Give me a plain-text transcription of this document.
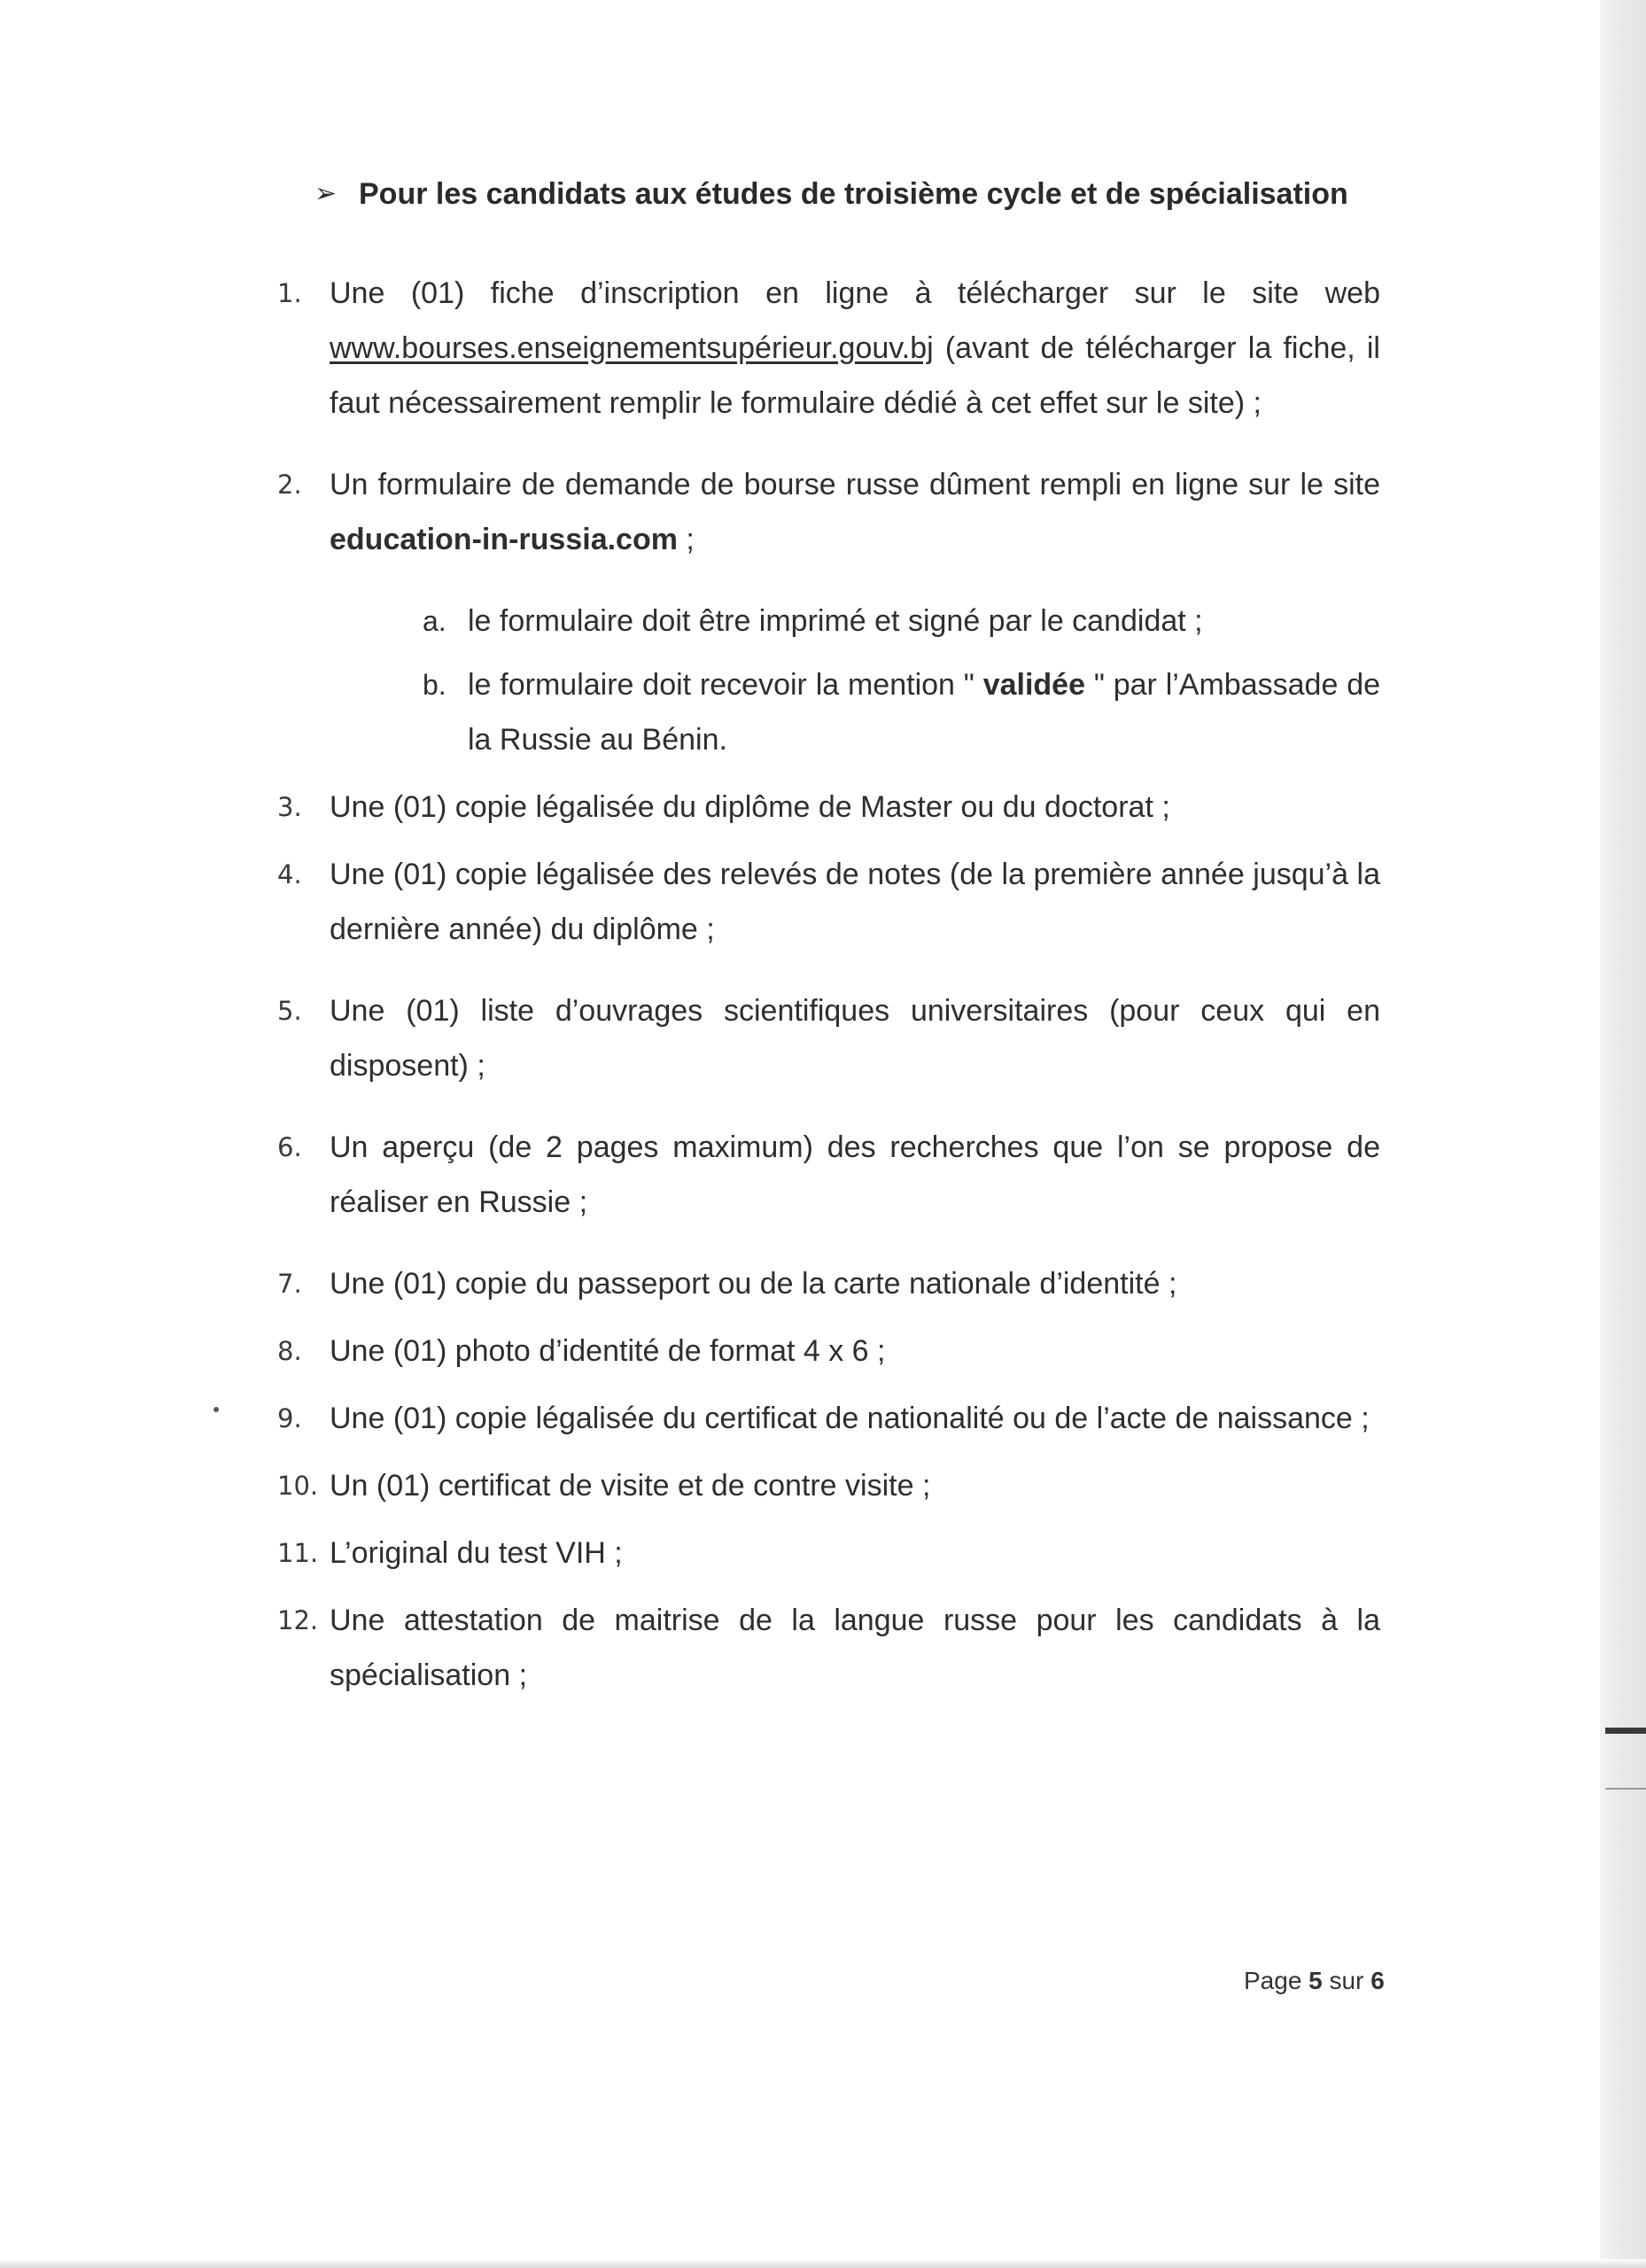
➢ Pour les candidats aux études de troisième cycle et de spécialisation
1. Une (01) fiche d’inscription en ligne à télécharger sur le site web www.bourses.enseignementsupérieur.gouv.bj (avant de télécharger la fiche, il faut nécessairement remplir le formulaire dédié à cet effet sur le site) ;
2. Un formulaire de demande de bourse russe dûment rempli en ligne sur le site education-in-russia.com ;
a. le formulaire doit être imprimé et signé par le candidat ;
b. le formulaire doit recevoir la mention " validée " par l’Ambassade de la Russie au Bénin.
3. Une (01) copie légalisée du diplôme de Master ou du doctorat ;
4. Une (01) copie légalisée des relevés de notes (de la première année jusqu’à la dernière année) du diplôme ;
5. Une (01) liste d’ouvrages scientifiques universitaires (pour ceux qui en disposent) ;
6. Un aperçu (de 2 pages maximum) des recherches que l’on se propose de réaliser en Russie ;
7. Une (01) copie du passeport ou de la carte nationale d’identité ;
8. Une (01) photo d’identité de format 4 x 6 ;
9. Une (01) copie légalisée du certificat de nationalité ou de l’acte de naissance ;
10. Un (01) certificat de visite et de contre visite ;
11. L’original du test VIH ;
12. Une attestation de maitrise de la langue russe pour les candidats à la spécialisation ;
Page 5 sur 6
